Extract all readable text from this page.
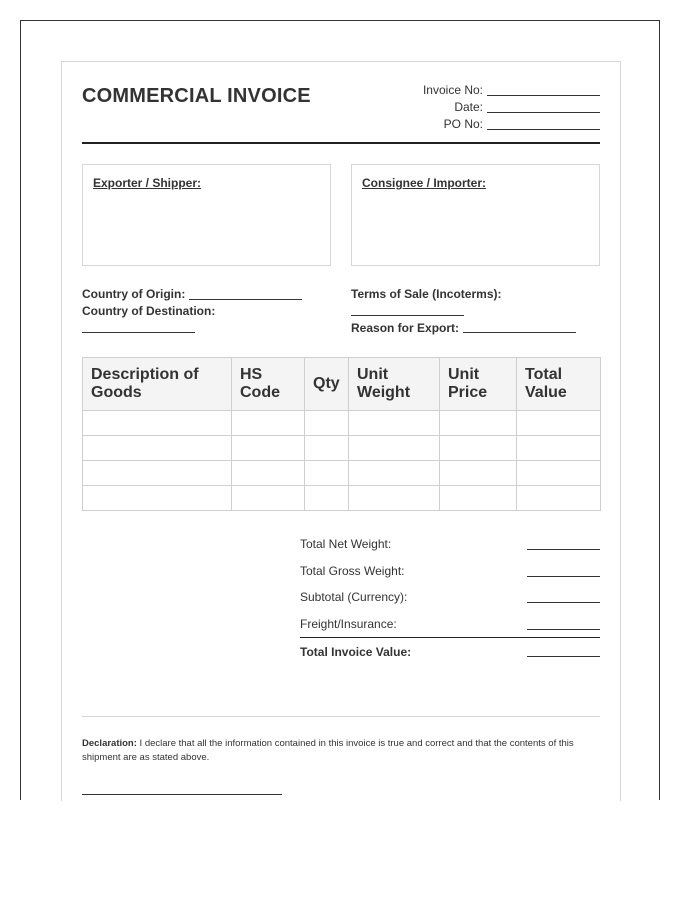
COMMERCIAL INVOICE	Invoice No:
Date:
PO No:
Exporter / Shipper:	Consignee / Importer:
Country of Origin:
Country of Destination:
Terms of Sale (Incoterms):
Reason for Export:
Description of Goods	HS Code	Qty	Unit Weight	Unit Price	Total Value

Total Net Weight:
Total Gross Weight:
Subtotal (Currency):
Freight/Insurance:
Total Invoice Value:
Declaration: I declare that all the information contained in this invoice is true and correct and that the contents of this shipment are as stated above.
